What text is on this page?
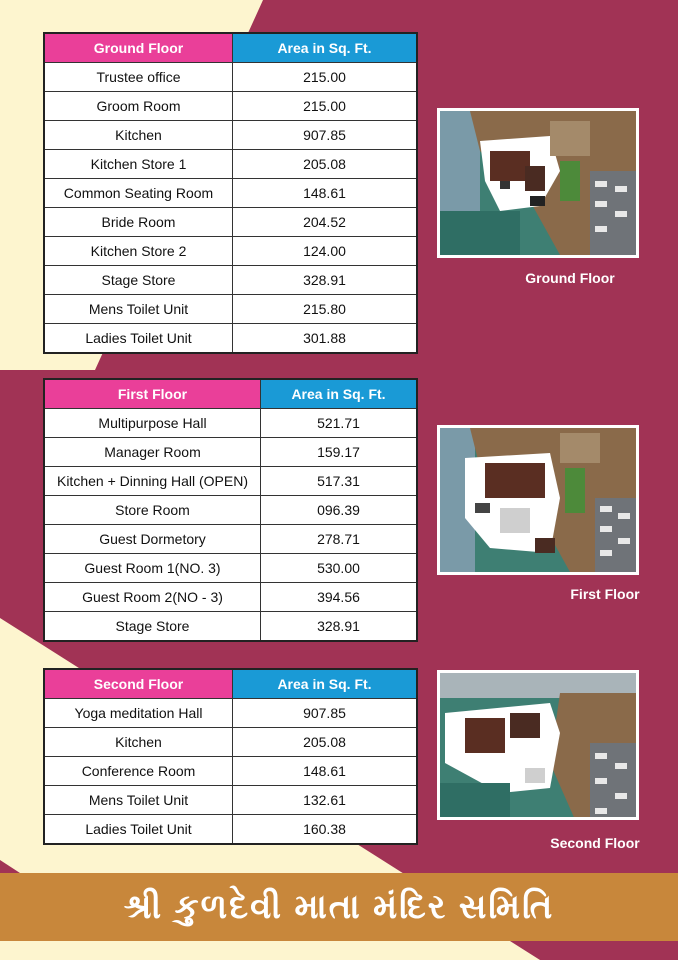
Ground Floor	Area in Sq. Ft.
Trustee office	215.00
Groom Room	215.00
Kitchen	907.85
Kitchen Store 1	205.08
Common Seating Room	148.61
Bride Room	204.52
Kitchen Store 2	124.00
Stage Store	328.91
Mens Toilet Unit	215.80
Ladies Toilet Unit	301.88
First Floor	Area in Sq. Ft.
Multipurpose Hall	521.71
Manager Room	159.17
Kitchen + Dinning Hall (OPEN)	517.31
Store Room	096.39
Guest Dormetory	278.71
Guest Room 1(NO. 3)	530.00
Guest Room 2(NO - 3)	394.56
Stage Store	328.91
Second Floor	Area in Sq. Ft.
Yoga meditation Hall	907.85
Kitchen	205.08
Conference Room	148.61
Mens Toilet Unit	132.61
Ladies Toilet Unit	160.38
Ground Floor
First Floor
Second Floor
શ્રી કુળદેવી માતા મંદિર સમિતિ
